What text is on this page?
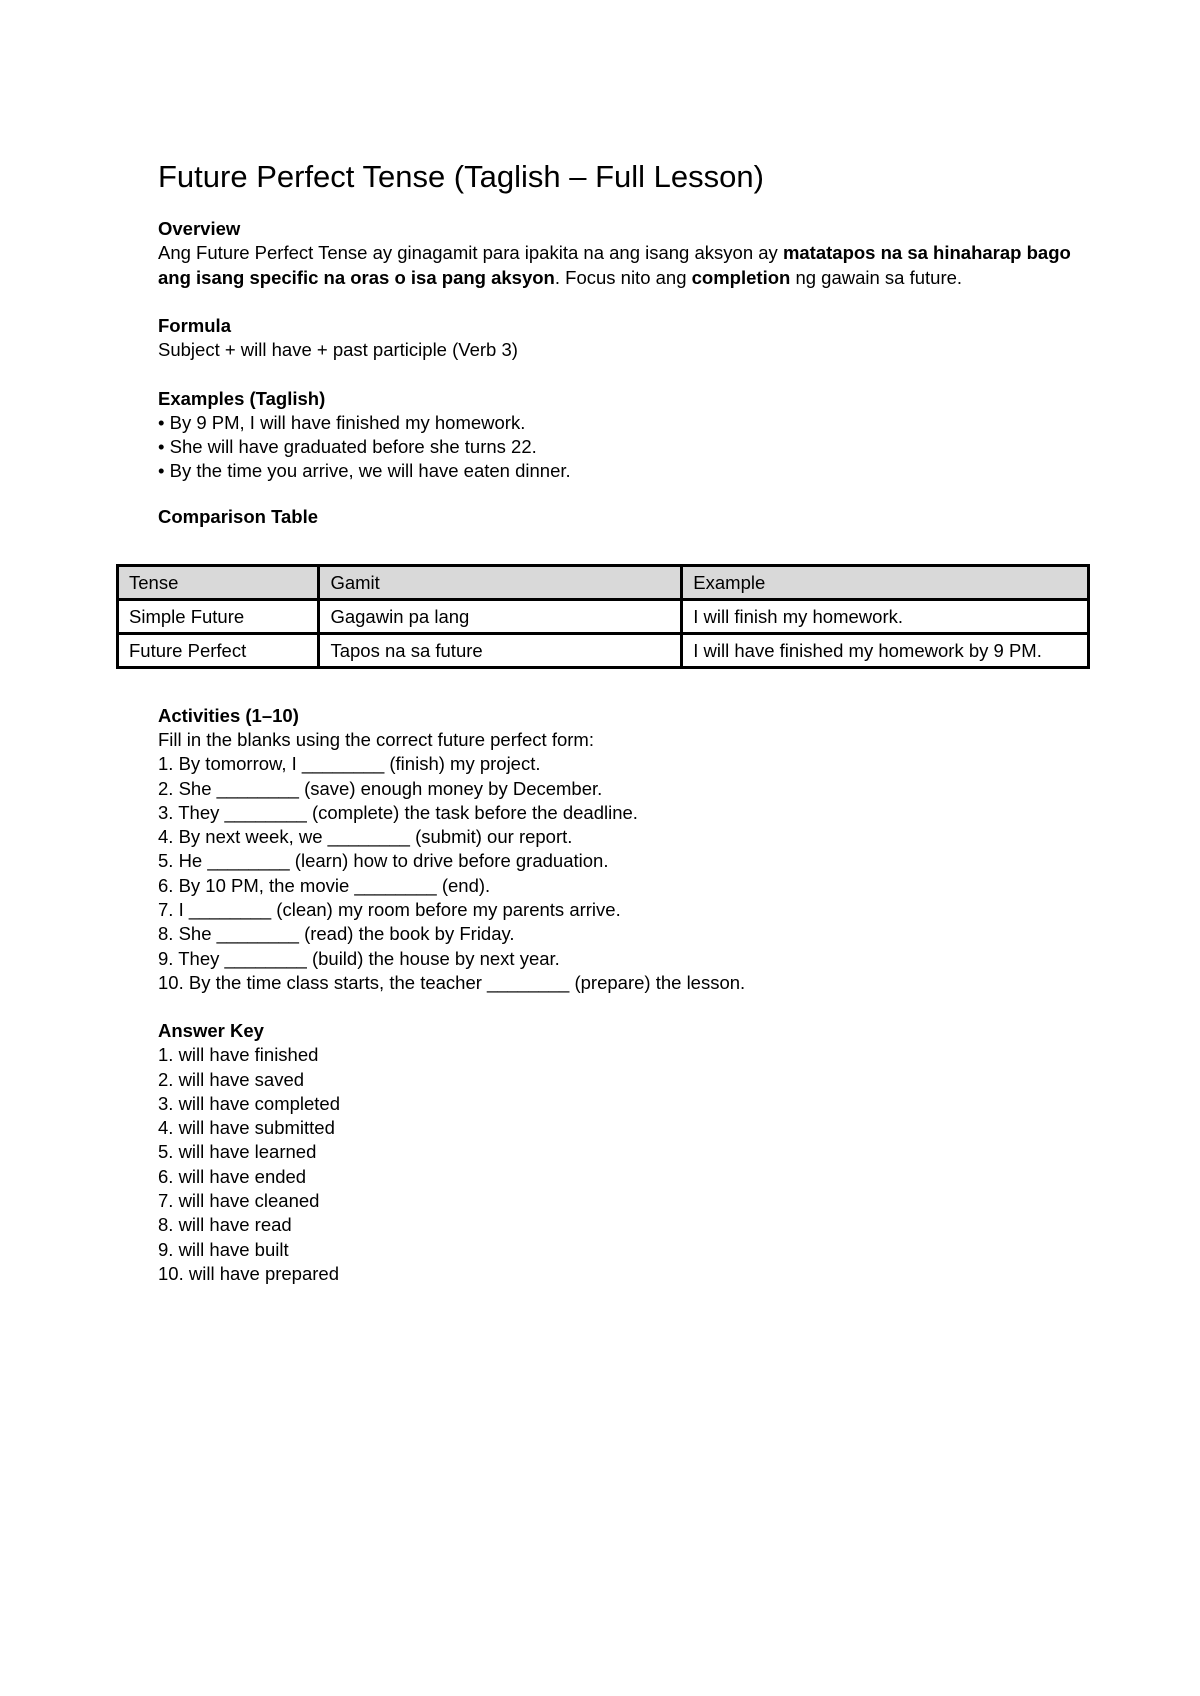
Future Perfect Tense (Taglish – Full Lesson)

Overview

Ang Future Perfect Tense ay ginagamit para ipakita na ang isang aksyon ay matatapos na sa hinaharap bago ang isang specific na oras o isa pang aksyon. Focus nito ang completion ng gawain sa future.

Formula

Subject + will have + past participle (Verb 3)

Examples (Taglish)

• By 9 PM, I will have finished my homework.
• She will have graduated before she turns 22.
• By the time you arrive, we will have eaten dinner.

Comparison Table

Tense	Gamit	Example
Simple Future	Gagawin pa lang	I will finish my homework.
Future Perfect	Tapos na sa future	I will have finished my homework by 9 PM.

Activities (1–10)

Fill in the blanks using the correct future perfect form:
1. By tomorrow, I ________ (finish) my project.
2. She ________ (save) enough money by December.
3. They ________ (complete) the task before the deadline.
4. By next week, we ________ (submit) our report.
5. He ________ (learn) how to drive before graduation.
6. By 10 PM, the movie ________ (end).
7. I ________ (clean) my room before my parents arrive.
8. She ________ (read) the book by Friday.
9. They ________ (build) the house by next year.
10. By the time class starts, the teacher ________ (prepare) the lesson.

Answer Key

1. will have finished
2. will have saved
3. will have completed
4. will have submitted
5. will have learned
6. will have ended
7. will have cleaned
8. will have read
9. will have built
10. will have prepared
